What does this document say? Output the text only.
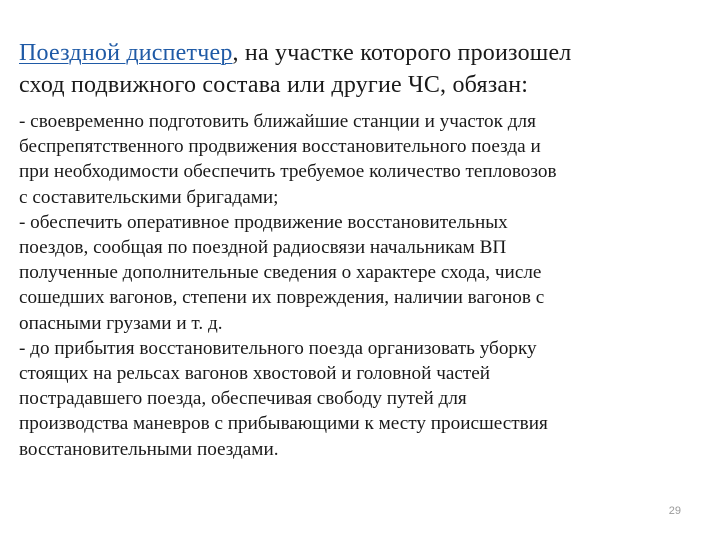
Поездной диспетчер, на участке которого произошел
сход подвижного состава или другие ЧС, обязан:

- своевременно подготовить ближайшие станции и участок для

беспрепятственного продвижения восстановительного поезда и

при необходимости обеспечить требуемое количество тепловозов

с составительскими бригадами;

- обеспечить оперативное продвижение восстановительных

поездов, сообщая по поездной радиосвязи начальникам ВП

полученные дополнительные сведения о характере схода, числе

сошедших вагонов, степени их повреждения, наличии вагонов с

опасными грузами и т. д.

- до прибытия восстановительного поезда организовать уборку

стоящих на рельсах вагонов хвостовой и головной частей

пострадавшего поезда, обеспечивая свободу путей для

производства маневров с прибывающими к месту происшествия

восстановительными поездами.

29
